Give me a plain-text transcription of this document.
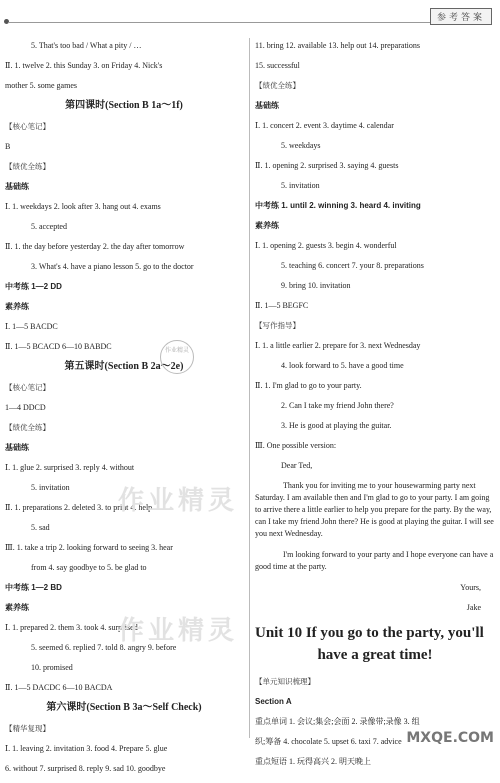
参考答案
5. That's too bad / What a pity / …
Ⅱ. 1. twelve 2. this Sunday 3. on Friday 4. Nick's
mother 5. some games
第四课时(Section B 1a～1f)
【核心笔记】
B
【绩优全练】
基础练
Ⅰ. 1. weekdays 2. look after 3. hang out 4. exams
5. accepted
Ⅱ. 1. the day before yesterday 2. the day after tomorrow
3. What's 4. have a piano lesson 5. go to the doctor
中考练 1—2 DD
素养练
Ⅰ. 1—5 BACDC
Ⅱ. 1—5 BCACD 6—10 BABDC
第五课时(Section B 2a～2e)
【核心笔记】
1—4 DDCD
【绩优全练】
基础练
Ⅰ. 1. glue 2. surprised 3. reply 4. without
5. invitation
Ⅱ. 1. preparations 2. deleted 3. to print 4. help
5. sad
Ⅲ. 1. take a trip 2. looking forward to seeing 3. hear
from 4. say goodbye to 5. be glad to
中考练 1—2 BD
素养练
Ⅰ. 1. prepared 2. them 3. took 4. surprised
5. seemed 6. replied 7. told 8. angry 9. before
10. promised
Ⅱ. 1—5 DACDC 6—10 BACDA
第六课时(Section B 3a～Self Check)
【精华复现】
Ⅰ. 1. leaving 2. invitation 3. food 4. Prepare 5. glue
6. without 7. surprised 8. reply 9. sad 10. goodbye
11. bring 12. available 13. help out 14. preparations
15. successful
【绩优全练】
基础练
Ⅰ. 1. concert 2. event 3. daytime 4. calendar
5. weekdays
Ⅱ. 1. opening 2. surprised 3. saying 4. guests
5. invitation
中考练 1. until 2. winning 3. heard 4. inviting
素养练
Ⅰ. 1. opening 2. guests 3. begin 4. wonderful
5. teaching 6. concert 7. your 8. preparations
9. bring 10. invitation
Ⅱ. 1—5 BEGFC
【写作指导】
Ⅰ. 1. a little earlier 2. prepare for 3. next Wednesday
4. look forward to 5. have a good time
Ⅱ. 1. I'm glad to go to your party.
2. Can I take my friend John there?
3. He is good at playing the guitar.
Ⅲ. One possible version:
Dear Ted,
Thank you for inviting me to your housewarming party next Saturday. I am available then and I'm glad to go to your party. I am going to arrive there a little earlier to help you prepare for the party. By the way, can I take my friend John there? He is good at playing the guitar. I will see you next Wednesday.
I'm looking forward to your party and I hope everyone can have a good time at the party.
Yours,
Jake
Unit 10 If you go to the party, you'll
have a great time!
【单元知识梳理】
Section A
重点单词 1. 会议;集会;会面 2. 录像带;录像 3. 组
织;筹备 4. chocolate 5. upset 6. taxi 7. advice
重点短语 1. 玩得高兴 2. 明天晚上
作业精灵
作业精灵
作业精灵
MXQE.COM
